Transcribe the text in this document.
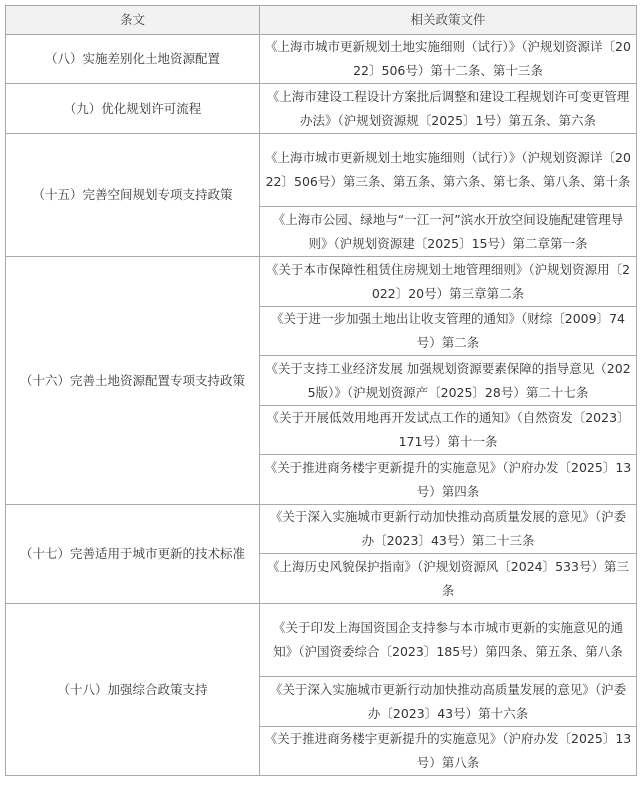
条文	相关政策文件
（八）实施差别化土地资源配置	《上海市城市更新规划土地实施细则（试行）》（沪规划资源详〔2022〕506号）第十二条、第十三条
（九）优化规划许可流程	《上海市建设工程设计方案批后调整和建设工程规划许可变更管理办法》（沪规划资源规〔2025〕1号）第五条、第六条
（十五）完善空间规划专项支持政策	《上海市城市更新规划土地实施细则（试行）》（沪规划资源详〔2022〕506号）第三条、第五条、第六条、第七条、第八条、第十条
	《上海市公园、绿地与“一江一河”滨水开放空间设施配建管理导则》（沪规划资源建〔2025〕15号）第二章第一条
（十六）完善土地资源配置专项支持政策	《关于本市保障性租赁住房规划土地管理细则》（沪规划资源用〔2022〕20号）第三章第二条
	《关于进一步加强土地出让收支管理的通知》（财综〔2009〕74号）第二条
	《关于支持工业经济发展 加强规划资源要素保障的指导意见（2025版）》（沪规划资源产〔2025〕28号）第二十七条
	《关于开展低效用地再开发试点工作的通知》（自然资发〔2023〕171号）第十一条
	《关于推进商务楼宇更新提升的实施意见》（沪府办发〔2025〕13号）第四条
（十七）完善适用于城市更新的技术标准	《关于深入实施城市更新行动加快推动高质量发展的意见》（沪委办〔2023〕43号）第二十三条
	《上海历史风貌保护指南》（沪规划资源风〔2024〕533号）第三条
（十八）加强综合政策支持	《关于印发上海国资国企支持参与本市城市更新的实施意见的通知》（沪国资委综合〔2023〕185号）第四条、第五条、第八条
	《关于深入实施城市更新行动加快推动高质量发展的意见》（沪委办〔2023〕43号）第十六条
	《关于推进商务楼宇更新提升的实施意见》（沪府办发〔2025〕13号）第八条
